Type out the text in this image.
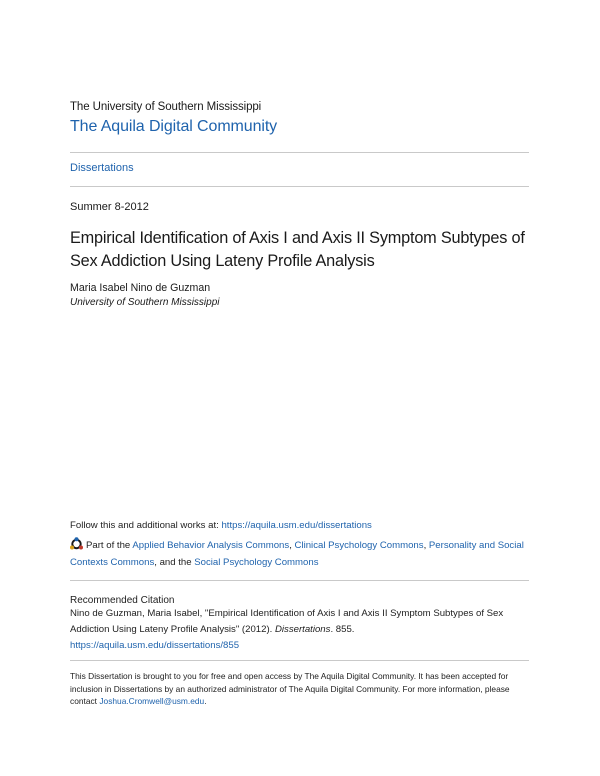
The University of Southern Mississippi
The Aquila Digital Community
Dissertations
Summer 8-2012
Empirical Identification of Axis I and Axis II Symptom Subtypes of Sex Addiction Using Lateny Profile Analysis
Maria Isabel Nino de Guzman
University of Southern Mississippi
Follow this and additional works at: https://aquila.usm.edu/dissertations
Part of the Applied Behavior Analysis Commons, Clinical Psychology Commons, Personality and Social Contexts Commons, and the Social Psychology Commons
Recommended Citation
Nino de Guzman, Maria Isabel, "Empirical Identification of Axis I and Axis II Symptom Subtypes of Sex Addiction Using Lateny Profile Analysis" (2012). Dissertations. 855.
https://aquila.usm.edu/dissertations/855
This Dissertation is brought to you for free and open access by The Aquila Digital Community. It has been accepted for inclusion in Dissertations by an authorized administrator of The Aquila Digital Community. For more information, please contact Joshua.Cromwell@usm.edu.
